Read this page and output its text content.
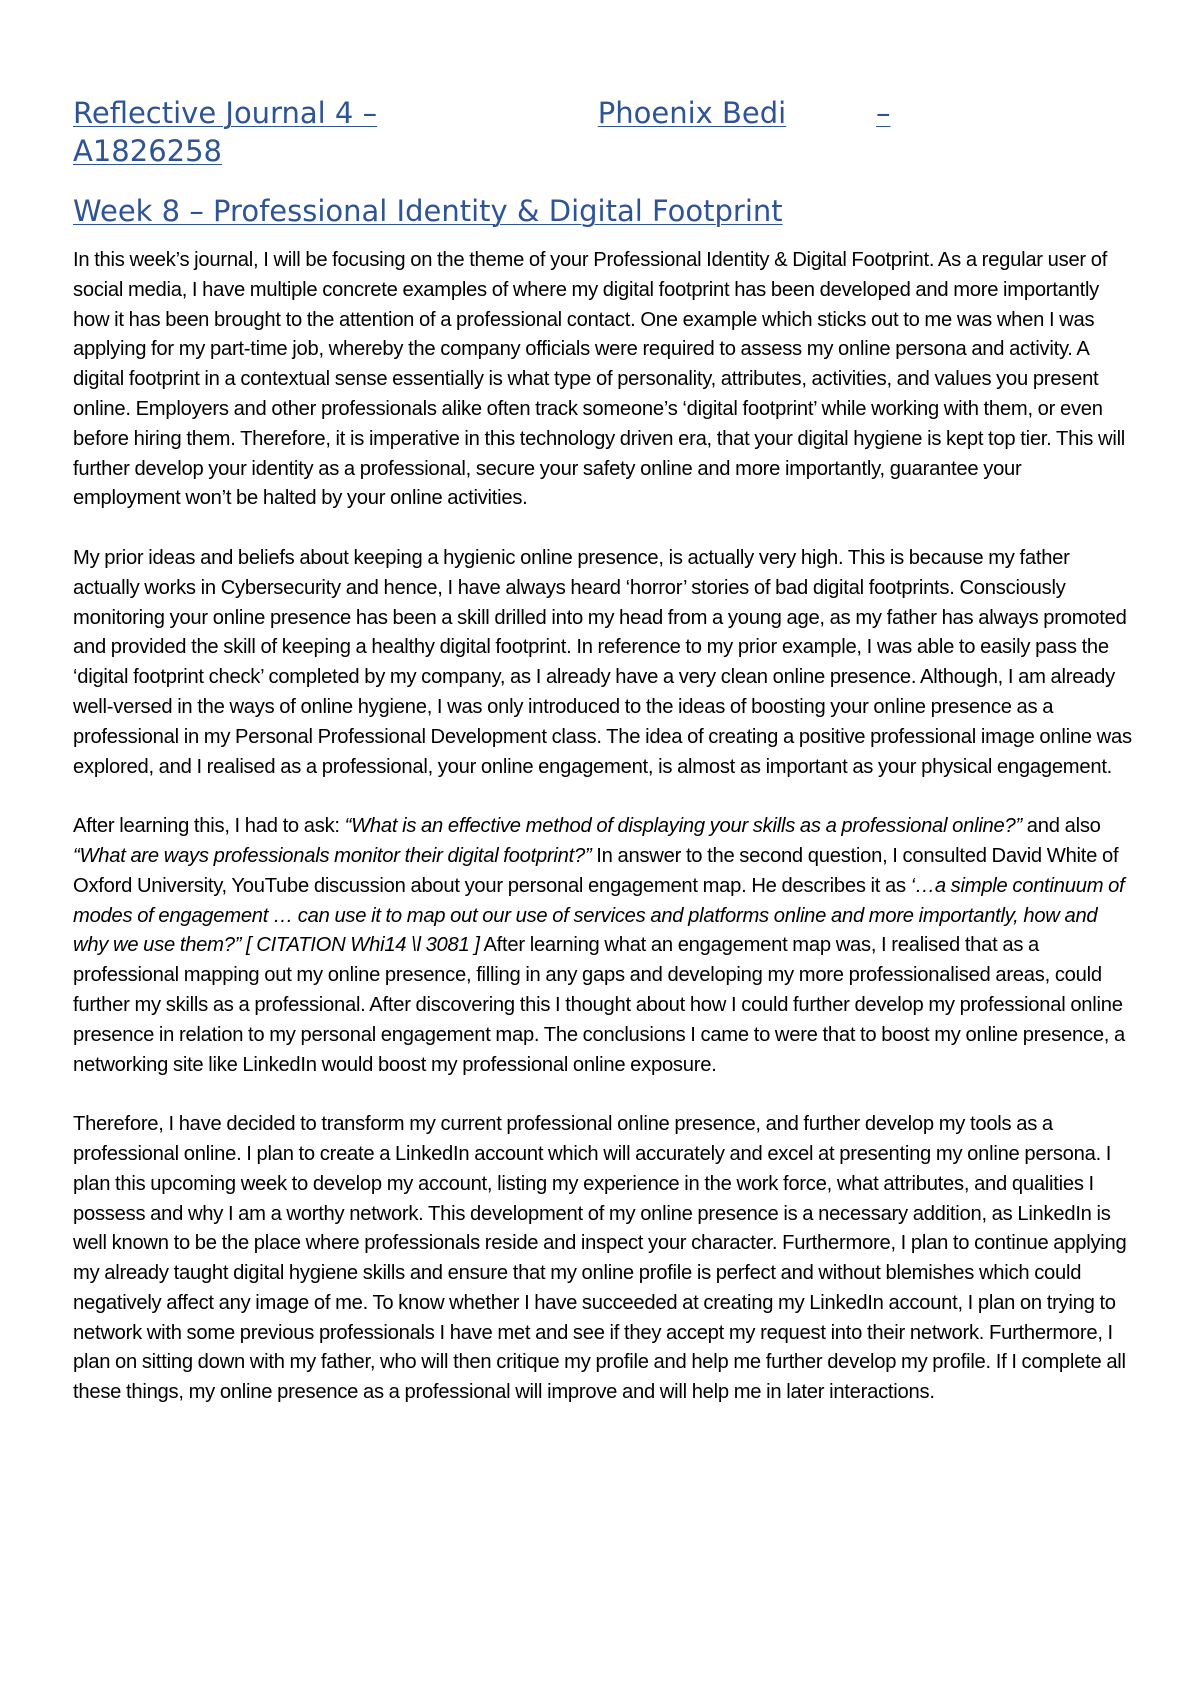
Reflective Journal 4 –	Phoenix Bedi	–
A1826258
Week 8 – Professional Identity & Digital Footprint

In this week’s journal, I will be focusing on the theme of your Professional Identity & Digital Footprint. As a regular user of social media, I have multiple concrete examples of where my digital footprint has been developed and more importantly how it has been brought to the attention of a professional contact. One example which sticks out to me was when I was applying for my part-time job, whereby the company officials were required to assess my online persona and activity. A digital footprint in a contextual sense essentially is what type of personality, attributes, activities, and values you present online. Employers and other professionals alike often track someone’s ‘digital footprint’ while working with them, or even before hiring them. Therefore, it is imperative in this technology driven era, that your digital hygiene is kept top tier. This will further develop your identity as a professional, secure your safety online and more importantly, guarantee your employment won’t be halted by your online activities.

My prior ideas and beliefs about keeping a hygienic online presence, is actually very high. This is because my father actually works in Cybersecurity and hence, I have always heard ‘horror’ stories of bad digital footprints. Consciously monitoring your online presence has been a skill drilled into my head from a young age, as my father has always promoted and provided the skill of keeping a healthy digital footprint. In reference to my prior example, I was able to easily pass the ‘digital footprint check’ completed by my company, as I already have a very clean online presence. Although, I am already well-versed in the ways of online hygiene, I was only introduced to the ideas of boosting your online presence as a professional in my Personal Professional Development class. The idea of creating a positive professional image online was explored, and I realised as a professional, your online engagement, is almost as important as your physical engagement.

After learning this, I had to ask: “What is an effective method of displaying your skills as a professional online?” and also “What are ways professionals monitor their digital footprint?” In answer to the second question, I consulted David White of Oxford University, YouTube discussion about your personal engagement map. He describes it as ‘…a simple continuum of modes of engagement … can use it to map out our use of services and platforms online and more importantly, how and why we use them?” [ CITATION Whi14 \l 3081 ] After learning what an engagement map was, I realised that as a professional mapping out my online presence, filling in any gaps and developing my more professionalised areas, could further my skills as a professional. After discovering this I thought about how I could further develop my professional online presence in relation to my personal engagement map. The conclusions I came to were that to boost my online presence, a networking site like LinkedIn would boost my professional online exposure.

Therefore, I have decided to transform my current professional online presence, and further develop my tools as a professional online. I plan to create a LinkedIn account which will accurately and excel at presenting my online persona. I plan this upcoming week to develop my account, listing my experience in the work force, what attributes, and qualities I possess and why I am a worthy network. This development of my online presence is a necessary addition, as LinkedIn is well known to be the place where professionals reside and inspect your character. Furthermore, I plan to continue applying my already taught digital hygiene skills and ensure that my online profile is perfect and without blemishes which could negatively affect any image of me. To know whether I have succeeded at creating my LinkedIn account, I plan on trying to network with some previous professionals I have met and see if they accept my request into their network. Furthermore, I plan on sitting down with my father, who will then critique my profile and help me further develop my profile. If I complete all these things, my online presence as a professional will improve and will help me in later interactions.
